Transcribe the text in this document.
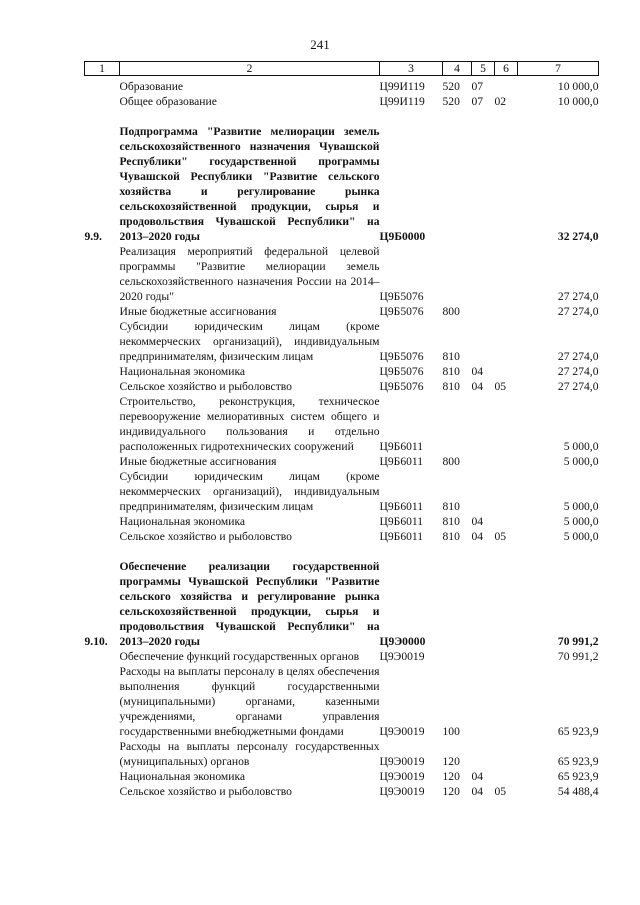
241
1	2	3	4	5	6	7
	Образование	Ц99И119	520	07		10 000,0
	Общее образование	Ц99И119	520	07	02	10 000,0

9.9.	Подпрограмма "Развитие мелиорации земель сельскохозяйственного назначения Чувашской Республики" государственной программы Чувашской Республики "Развитие сельского хозяйства и регулирование рынка сельскохозяйственной продукции, сырья и продовольствия Чувашской Республики" на 2013–2020 годы	Ц9Б0000				32 274,0
	Реализация мероприятий федеральной целевой программы "Развитие мелиорации земель сельскохозяйственного назначения России на 2014–2020 годы"	Ц9Б5076				27 274,0
	Иные бюджетные ассигнования	Ц9Б5076	800			27 274,0
	Субсидии юридическим лицам (кроме некоммерческих организаций), индивидуальным предпринимателям, физическим лицам	Ц9Б5076	810			27 274,0
	Национальная экономика	Ц9Б5076	810	04		27 274,0
	Сельское хозяйство и рыболовство	Ц9Б5076	810	04	05	27 274,0
	Строительство, реконструкция, техническое перевооружение мелиоративных систем общего и индивидуального пользования и отдельно расположенных гидротехнических сооружений	Ц9Б6011				5 000,0
	Иные бюджетные ассигнования	Ц9Б6011	800			5 000,0
	Субсидии юридическим лицам (кроме некоммерческих организаций), индивидуальным предпринимателям, физическим лицам	Ц9Б6011	810			5 000,0
	Национальная экономика	Ц9Б6011	810	04		5 000,0
	Сельское хозяйство и рыболовство	Ц9Б6011	810	04	05	5 000,0

9.10.	Обеспечение реализации государственной программы Чувашской Республики "Развитие сельского хозяйства и регулирование рынка сельскохозяйственной продукции, сырья и продовольствия Чувашской Республики" на 2013–2020 годы	Ц9Э0000				70 991,2
	Обеспечение функций государственных органов	Ц9Э0019				70 991,2
	Расходы на выплаты персоналу в целях обеспечения выполнения функций государственными (муниципальными) органами, казенными учреждениями, органами управления государственными внебюджетными фондами	Ц9Э0019	100			65 923,9
	Расходы на выплаты персоналу государственных (муниципальных) органов	Ц9Э0019	120			65 923,9
	Национальная экономика	Ц9Э0019	120	04		65 923,9
	Сельское хозяйство и рыболовство	Ц9Э0019	120	04	05	54 488,4
